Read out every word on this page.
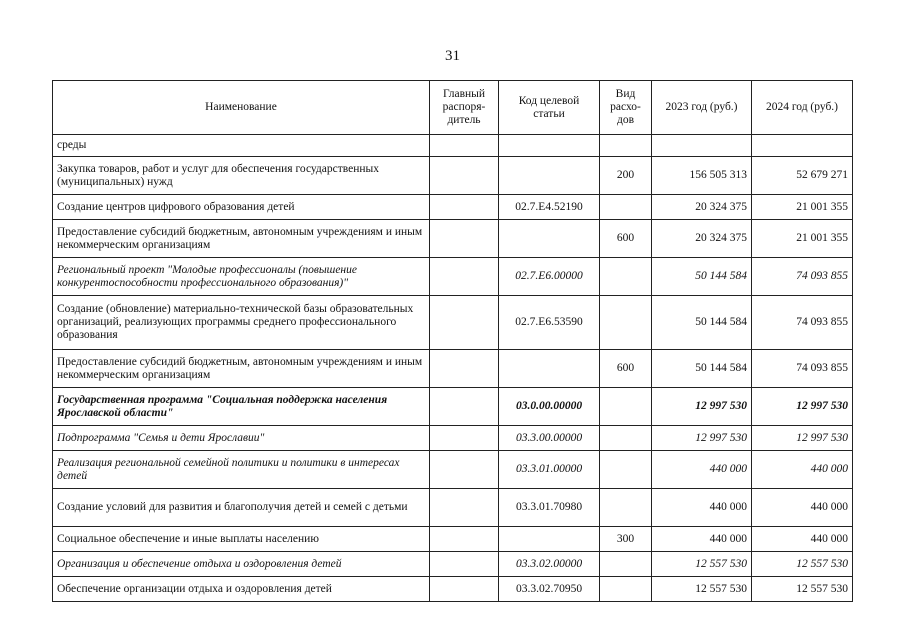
31
Наименование	Главный распоря-дитель	Код целевой статьи	Вид расхо-дов	2023 год (руб.)	2024 год (руб.)
среды					
Закупка товаров, работ и услуг для обеспечения государственных (муниципальных) нужд			200	156 505 313	52 679 271
Создание центров цифрового образования детей		02.7.E4.52190		20 324 375	21 001 355
Предоставление субсидий бюджетным, автономным учреждениям и иным некоммерческим организациям			600	20 324 375	21 001 355
Региональный проект "Молодые профессионалы (повышение конкурентоспособности профессионального образования)"		02.7.E6.00000		50 144 584	74 093 855
Создание (обновление) материально-технической базы образовательных организаций, реализующих программы среднего профессионального образования		02.7.E6.53590		50 144 584	74 093 855
Предоставление субсидий бюджетным, автономным учреждениям и иным некоммерческим организациям			600	50 144 584	74 093 855
Государственная программа "Социальная поддержка населения Ярославской области"		03.0.00.00000		12 997 530	12 997 530
Подпрограмма "Семья и дети Ярославии"		03.3.00.00000		12 997 530	12 997 530
Реализация региональной семейной политики и политики в интересах детей		03.3.01.00000		440 000	440 000
Создание условий для развития и благополучия детей и семей с детьми		03.3.01.70980		440 000	440 000
Социальное обеспечение и иные выплаты населению			300	440 000	440 000
Организация и обеспечение отдыха и оздоровления детей		03.3.02.00000		12 557 530	12 557 530
Обеспечение организации отдыха и оздоровления детей		03.3.02.70950		12 557 530	12 557 530
